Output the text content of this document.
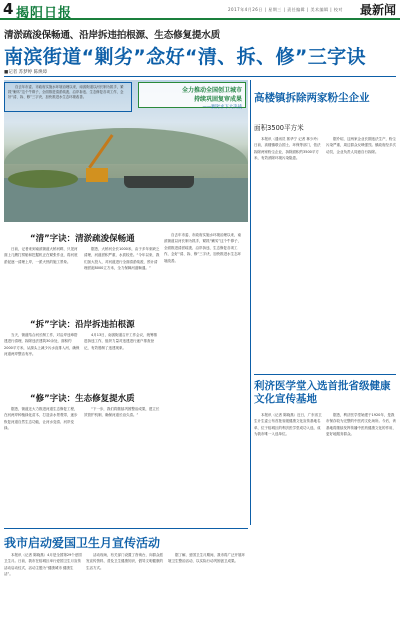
4 揭阳日报	2017年4月26日 | 星期三 | 责任编辑 | 美术编辑 | 校对 最新闻
清淤疏浚保畅通、沿岸拆违拍根源、生态修复提水质
南滨街道“剿劣”念好“清、拆、修”三字诀
■记者 苏梦婷 陈焕璋

自去年市委、市政府实施水环境治理以来，南滨街道以河长制为抓手，紧抓“剿劣”这个牛鼻子，全面推进清淤疏浚、沿岸拆违、生态修复各项工作，念好“清、拆、修”三字诀，加快推进水生态环境改善。

全力推动全国创卫城市
持续巩固复审成果
——剿劣水下大决战
“清”字诀：清淤疏浚保畅通

日前，记者来到南滨街道大桥河畔，只见河面上几艘打捞船和挖掘机正在紧张作业，将河底淤泥逐一清理上岸，一派火热的施工景象。

据悉，大桥河全长1000米，由于多年来缺乏清理，河道淤积严重，水质较差。“今年以来，我们加大投入，对河道进行全面清淤疏浚，预计清理淤泥8000立方米，全力保障河道畅通。”

“拆”字诀：沿岸拆违拍根源

当天，街道结合河长制工作，对沿岸违章搭建进行清理，拆除违法建筑30余处，面积约2000平方米，从源头上减少污水直排入河，确保河道两岸整洁有序。

4月13日，南滨街道召开工作会议，统筹推进拆违工作，组织力量对违建进行逐户排查登记，有效遏制了违建现象。

“修”字诀：生态修复提水质

据悉，街道还大力推进河道生态修复工程，在河两岸种植绿化苗木，打造亲水景观带，逐步恢复河道自然生态功能，让河水变清、河岸变绿。

“下一步，我们将继续巩固整治成果，建立长效管护机制，确保河道长治久清。”

自去年市委、市政府实施水环境治理以来，南滨街道以河长制为抓手，紧抓“剿劣”这个牛鼻子，全面推进清淤疏浚、沿岸拆违、生态修复各项工作，念好“清、拆、修”三字诀，加快推进水生态环境改善。

高楼镇拆除两家粉尘企业
面积3500平方米

本报讯（通讯员 郭华宁 记者 林少玲）日前，高楼镇联合国土、环保等部门，依法拆除两家粉尘企业，拆除面积约3500平方米，有效消除环境污染隐患。

据介绍，这两家企业长期违法生产，粉尘污染严重，周边群众反映强烈。镇政府经多次动员，企业负责人同意自行拆除。

利济医学堂入选首批省级健康文化宣传基地

本报讯（记者 陈晓燕）近日，广东省卫生计生委公布首批省级健康文化宣传基地名单，位于榕城区的利济医学堂成功入选，成为我市唯一入选单位。

据悉，利济医学堂始建于1920年，是我市保存较为完整的中医药文化场所。今后，该基地将继续发挥传播中医药健康文化的作用，更好地服务群众。

我市启动爱国卫生月宣传活动

本报讯（记者 陈晓燕）4月是全国第29个爱国卫生月。日前，我市在榕城区举行爱国卫生月宣传活动启动仪式，活动主题为“健康城市 健康生活”。

活动现场，有关部门设置了咨询台，向群众派发宣传资料，普及卫生健康知识，倡导文明健康的生活方式。

据了解，爱国卫生月期间，我市将广泛开展环境卫生整治活动，以实际行动巩固创卫成果。
